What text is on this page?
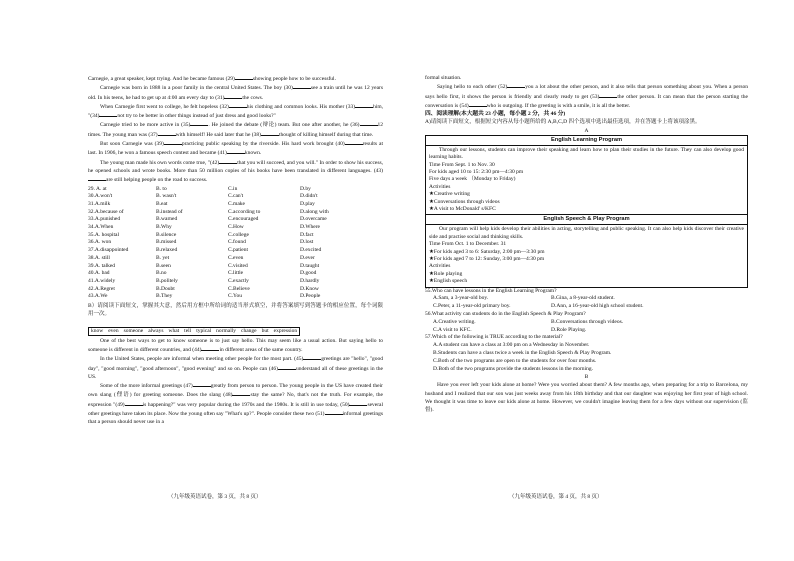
Carnegie, a great speaker, kept trying. And he became famous (29)	showing people how to be successful.

Carnegie was born in 1888 in a poor family in the central United States. The boy (30)	see a train until he was 12 years old. In his teens, he had to get up at 4:00 am every day to (31)	the cows.

When Carnegie first went to college, he felt hopeless (32)	his clothing and common looks. His mother (33)	him, "(34)	not try to be better in other things instead of just dress and good looks?"

Carnegie tried to be more active in (35)	. He joined the debate (辩论) team. But one after another, he (36)	12 times. The young man was (37)	with himself! He said later that he (38)	thought of killing himself during that time.

But soon Carnegie was (39)	practicing public speaking by the riverside. His hard work brought (40)	results at last. In 1906, he won a famous speech contest and became (41)	known.

The young man made his own words come true, "(42)	that you will succeed, and you will." In order to show his success, he opened schools and wrote books. More than 50 million copies of his books have been translated in different languages. (43)are still helping people on the road to success.

29. A. at	B. to	C.in	D.by
30.A.won't	B. wasn't	C.can't	D.didn't
31.A.milk	B.eat	C.make	D.play
32.A.because of	B.instead of	C.according to	D.along with
33.A.punished	B.warned	C.encouraged	D.overcame
34.A.When	B.Why	C.How	D.Where
35.A. hospital	B.silence	C.college	D.fact
36.A. won	B.missed	C.found	D.lost
37.A.disappointed	B.relaxed	C.patient	D.excited
38.A. still	B. yet	C.even	D.ever
39.A. talked	B.seen	C.visited	D.taught
40.A. bad	B.no	C.little	D.good
41.A.widely	B.politely	C.exactly	D.hardly
42.A.Regret	B.Doubt	C.Believe	D.Know
43.A.We	B.They	C.You	D.People

B）请阅读下面短文，掌握其大意，然后用方框中所给词的适当形式填空，并将答案填写到答题卡的相应位置，每个词限用一次。

know even someone always what tell typical normally change but expression

One of the best ways to get to know someone is to just say hello. This may seem like a usual action. But saying hello to someone is different in different countries, and (44)	in different areas of the same country.

In the United States, people are informal when meeting other people for the most part. (45)	greetings are "hello", "good day", "good morning", "good afternoon", "good evening" and so on. People can (46)	understand all of these greetings in the US.

Some of the more informal greetings (47)	greatly from person to person. The young people in the US have created their own slang (俚语) for greeting someone. Does the slang (48)	stay the same? No, that's not the truth. For example, the expression "(49)	is happening?" was very popular during the 1970s and the 1980s. It is still in use today, (50)	several other greetings have taken its place. Now the young often say "What's up?". People consider these two (51)	informal greetings that a person should never use in a

（九年级英语试卷，第 3 页，共 8 页）

formal situation.

Saying hello to each other (52)	you a lot about the other person, and it also tells that person something about you. When a person says hello first, it shows the person is friendly and clearly ready to get (53)	the other person. It can mean that the person starting the conversation is (54)	who is outgoing. If the greeting is with a smile, it is all the better.

四、阅读理解(本大题共 23 小题，每小题 2 分，共 46 分)

A)请阅读下面短文，根据短文内容从每小题所给的 A,B,C,D 四个选项中选出最佳选项，并在答题卡上将该项涂黑。

A

English Learning Program

Through our lessons, students can improve their speaking and learn how to plan their studies in the future. They can also develop good learning habits.

Time From Sept. 1 to Nov. 30

For kids aged 10 to 15: 2:30 pm—4:30 pm

Five days a week （Monday to Friday)

Activities

★Creative writing

★Conversations through videos

★A visit to McDonald' s/KFC

English Speech & Play Program

Our program will help kids develop their abilities in acting, storytelling and public speaking. It can also help kids discover their creative side and practise social and thinking skills.

Time From Oct. 1 to December. 31

★For kids aged 3 to 6: Saturday, 2:00 pm—3:30 pm

★For kids aged 7 to 12: Sunday, 3:00 pm—4:30 pm

Activities

★Role playing

★English speech

55.Who can have lessons in the English Learning Program?

A.Sam, a 3-year-old boy.	B.Gina, a 8-year-old student.
C.Peter, a 11-year-old primary boy.	D.Ann, a 16-year-old high school student.

56.What activity can students do in the English Speech & Play Program?

A.Creative writing.	B.Conversations through videos.
C.A visit to KFC.	D.Role Playing.

57.Which of the following is TRUE according to the material?

A.A student can have a class at 3:00 pm on a Wednesday in November.

B.Students can have a class twice a week in the English Speech & Play Program.

C.Both of the two programs are open to the students for over four months.

D.Both of the two programs provide the students lessons in the morning.

B

Have you ever left your kids alone at home? Were you worried about them? A few months ago, when preparing for a trip to Barcelona, my husband and I realized that our son was just weeks away from his 18th birthday and that our daughter was enjoying her first year of high school. We thought it was time to leave our kids alone at home. However, we couldn't imagine leaving them for a few days without our supervision (监督).

（九年级英语试卷，第 4 页，共 8 页）
